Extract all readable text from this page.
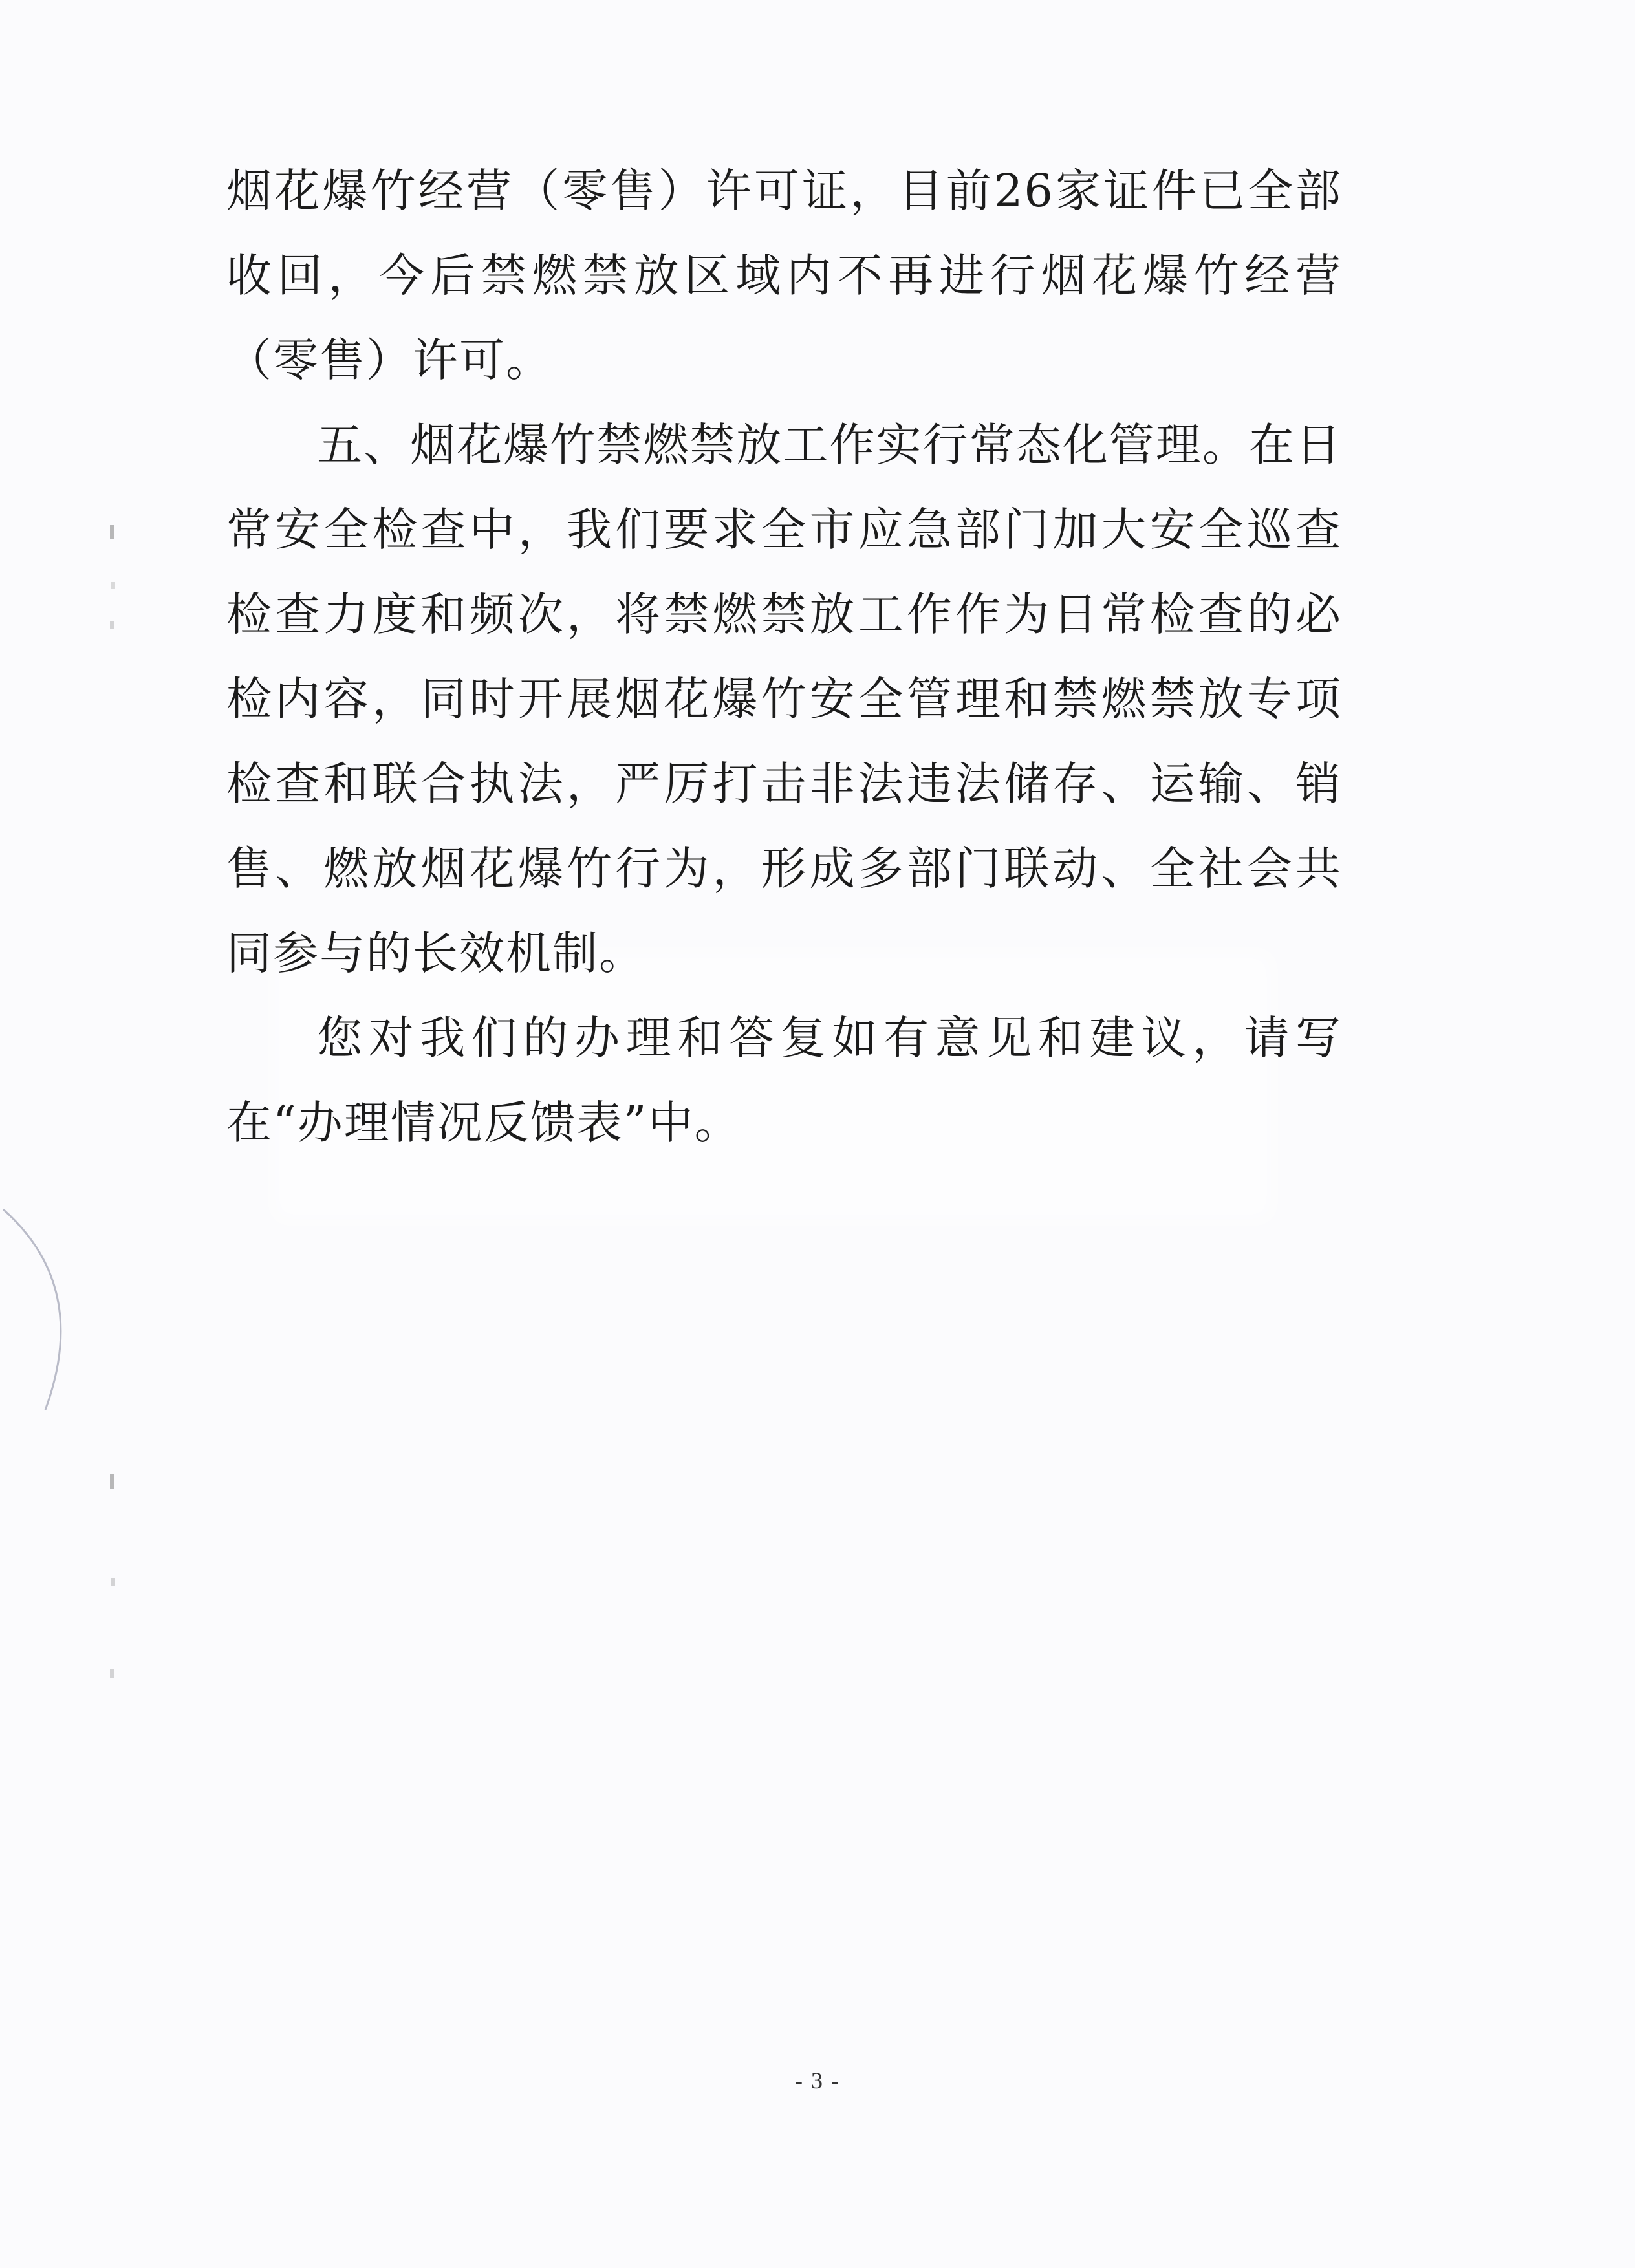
烟花爆竹经营（零售）许可证，目前26家证件已全部收回，今后禁燃禁放区域内不再进行烟花爆竹经营（零售）许可。

五、烟花爆竹禁燃禁放工作实行常态化管理。在日常安全检查中，我们要求全市应急部门加大安全巡查检查力度和频次，将禁燃禁放工作作为日常检查的必检内容，同时开展烟花爆竹安全管理和禁燃禁放专项检查和联合执法，严厉打击非法违法储存、运输、销售、燃放烟花爆竹行为，形成多部门联动、全社会共同参与的长效机制。

您对我们的办理和答复如有意见和建议，请写在“办理情况反馈表”中。

- 3 -
